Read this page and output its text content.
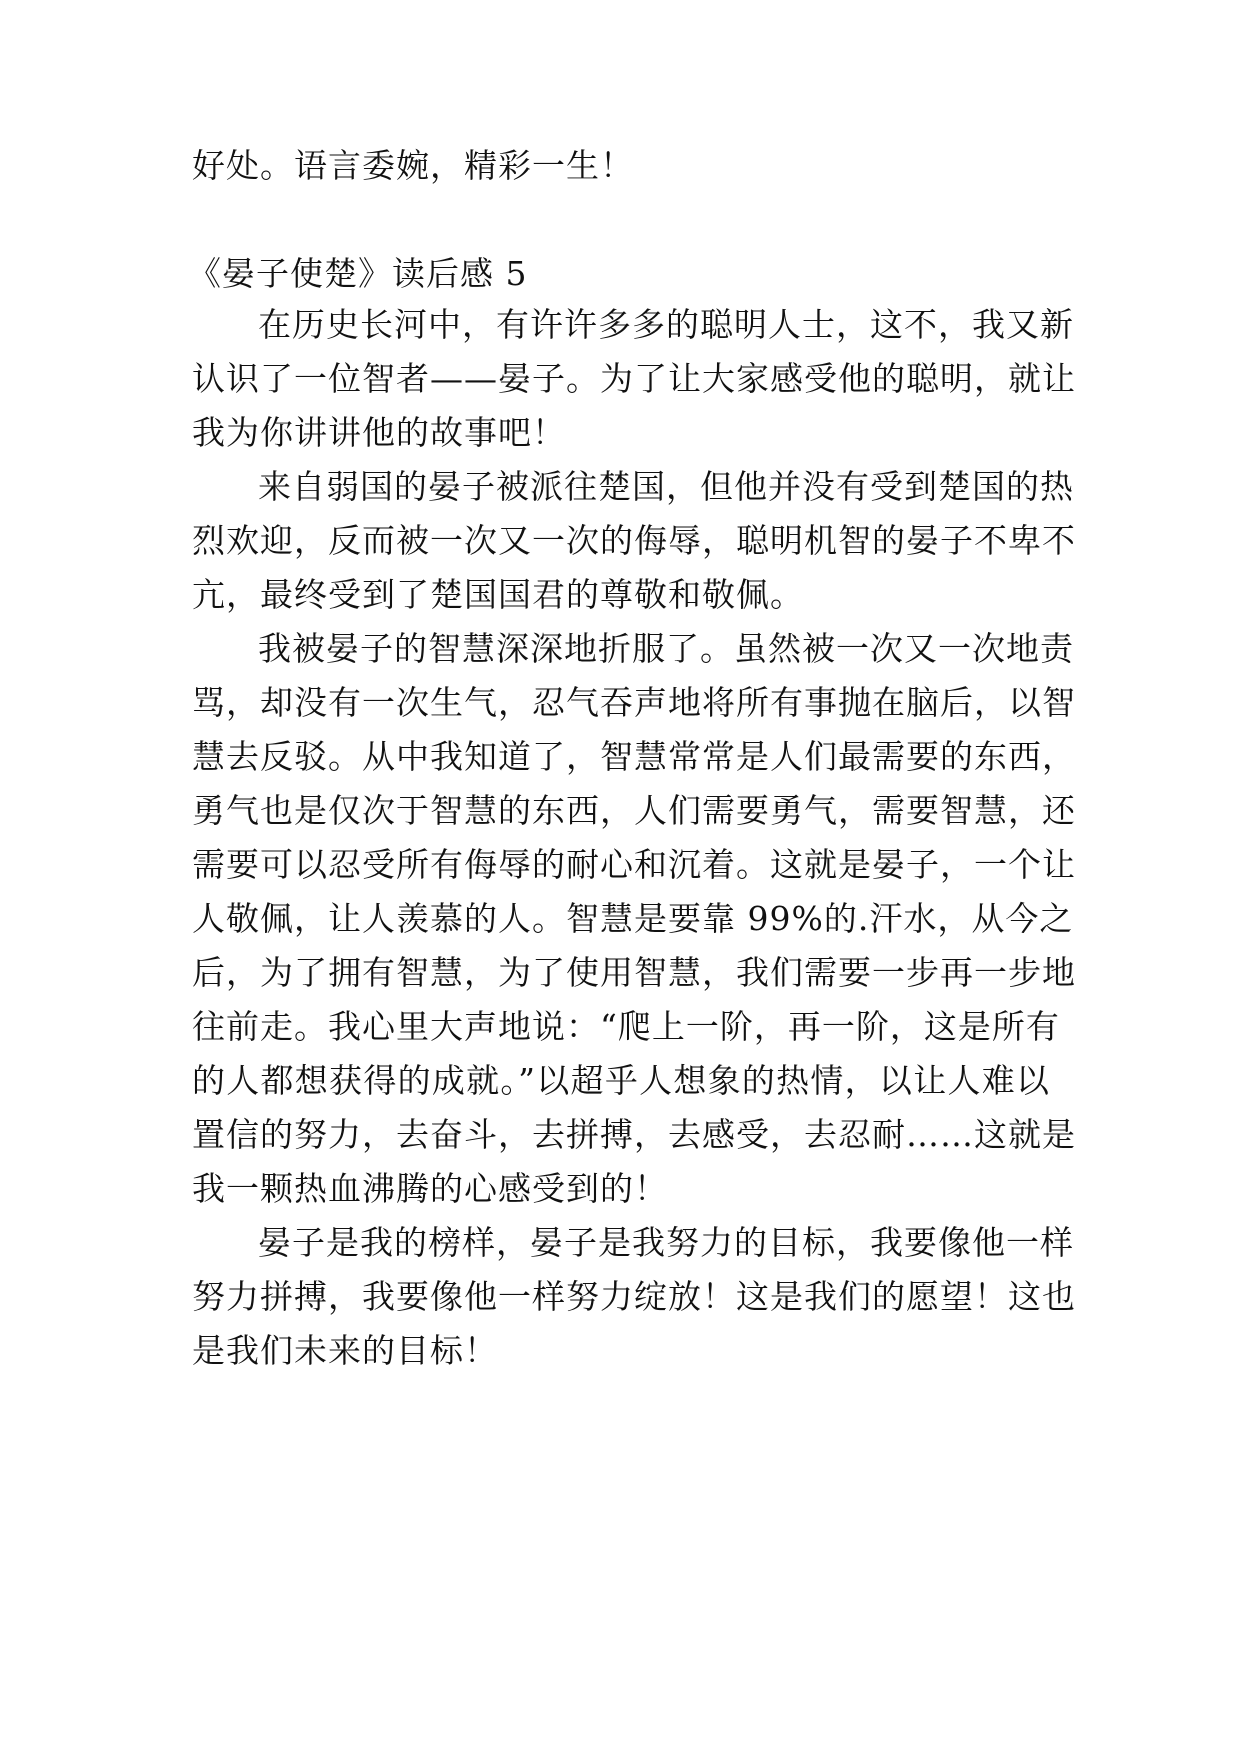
好处。语言委婉，精彩一生！
《晏子使楚》读后感 5
在历史长河中，有许许多多的聪明人士，这不，我又新
认识了一位智者——晏子。为了让大家感受他的聪明，就让
我为你讲讲他的故事吧！
来自弱国的晏子被派往楚国，但他并没有受到楚国的热
烈欢迎，反而被一次又一次的侮辱，聪明机智的晏子不卑不
亢，最终受到了楚国国君的尊敬和敬佩。
我被晏子的智慧深深地折服了。虽然被一次又一次地责
骂，却没有一次生气，忍气吞声地将所有事抛在脑后，以智
慧去反驳。从中我知道了，智慧常常是人们最需要的东西，
勇气也是仅次于智慧的东西，人们需要勇气，需要智慧，还
需要可以忍受所有侮辱的耐心和沉着。这就是晏子，一个让
人敬佩，让人羡慕的人。智慧是要靠 99%的.汗水，从今之
后，为了拥有智慧，为了使用智慧，我们需要一步再一步地
往前走。我心里大声地说：“爬上一阶，再一阶，这是所有
的人都想获得的成就。”以超乎人想象的热情，以让人难以
置信的努力，去奋斗，去拼搏，去感受，去忍耐……这就是
我一颗热血沸腾的心感受到的！
晏子是我的榜样，晏子是我努力的目标，我要像他一样
努力拼搏，我要像他一样努力绽放！这是我们的愿望！这也
是我们未来的目标！
